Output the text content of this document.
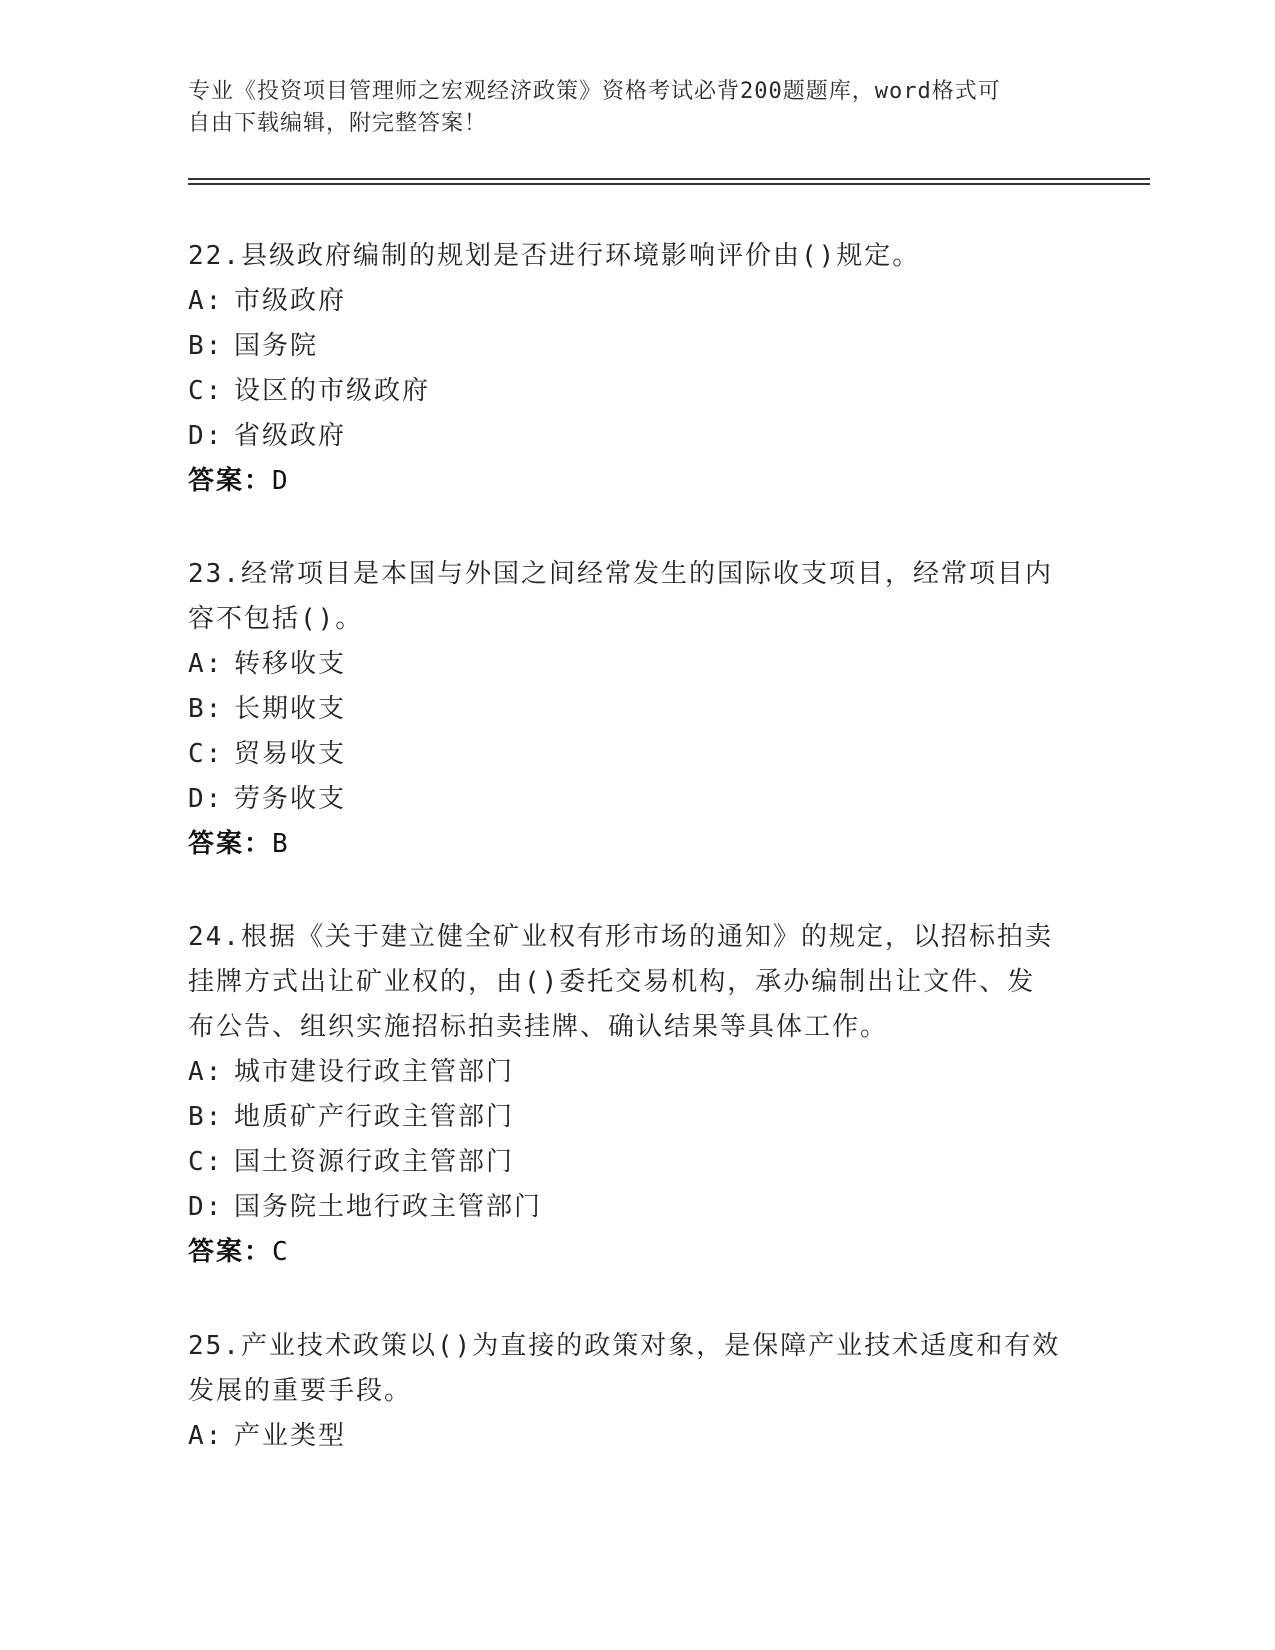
专业《投资项目管理师之宏观经济政策》资格考试必背200题题库，word格式可
自由下载编辑，附完整答案！

22.县级政府编制的规划是否进行环境影响评价由()规定。

A: 市级政府
B: 国务院
C: 设区的市级政府
D: 省级政府
答案：D
23.经常项目是本国与外国之间经常发生的国际收支项目，经常项目内
容不包括()。
A: 转移收支
B: 长期收支
C: 贸易收支
D: 劳务收支
答案：B
24.根据《关于建立健全矿业权有形市场的通知》的规定，以招标拍卖
挂牌方式出让矿业权的，由()委托交易机构，承办编制出让文件、发
布公告、组织实施招标拍卖挂牌、确认结果等具体工作。
A: 城市建设行政主管部门
B: 地质矿产行政主管部门
C: 国土资源行政主管部门
D: 国务院土地行政主管部门
答案：C
25.产业技术政策以()为直接的政策对象，是保障产业技术适度和有效
发展的重要手段。
A: 产业类型
